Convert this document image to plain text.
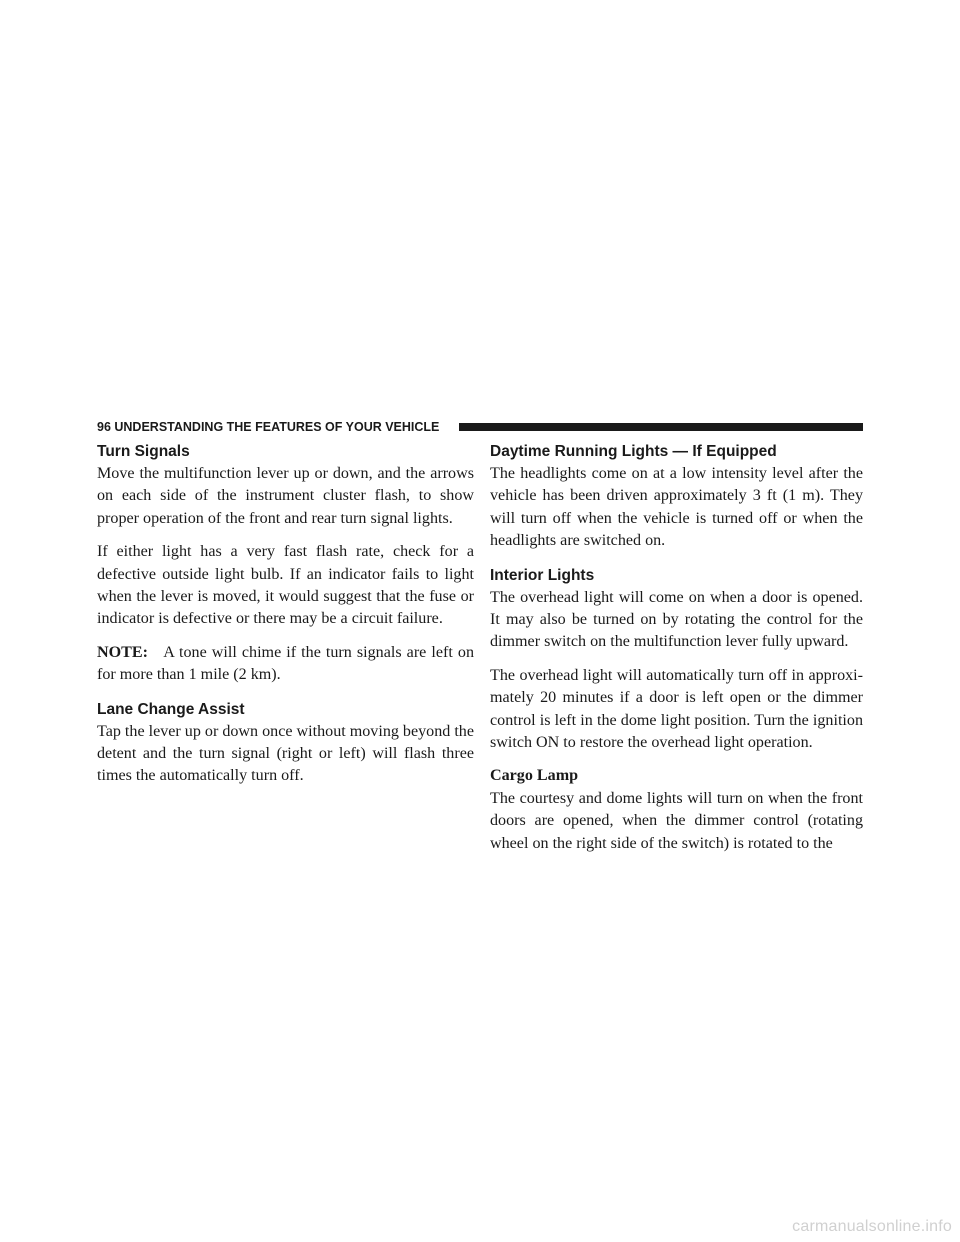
96 UNDERSTANDING THE FEATURES OF YOUR VEHICLE
Turn Signals

Move the multifunction lever up or down, and the arrows on each side of the instrument cluster flash, to show proper operation of the front and rear turn signal lights.

If either light has a very fast flash rate, check for a defective outside light bulb. If an indicator fails to light when the lever is moved, it would suggest that the fuse or indicator is defective or there may be a circuit failure.

NOTE: A tone will chime if the turn signals are left on for more than 1 mile (2 km).

Lane Change Assist

Tap the lever up or down once without moving beyond the detent and the turn signal (right or left) will flash three times the automatically turn off.

Daytime Running Lights — If Equipped

The headlights come on at a low intensity level after the vehicle has been driven approximately 3 ft (1 m). They will turn off when the vehicle is turned off or when the headlights are switched on.

Interior Lights

The overhead light will come on when a door is opened. It may also be turned on by rotating the control for the dimmer switch on the multifunction lever fully upward.

The overhead light will automatically turn off in approxi-mately 20 minutes if a door is left open or the dimmer control is left in the dome light position. Turn the ignition switch ON to restore the overhead light operation.

Cargo Lamp

The courtesy and dome lights will turn on when the front doors are opened, when the dimmer control (rotating wheel on the right side of the switch) is rotated to the

carmanualsonline.info
